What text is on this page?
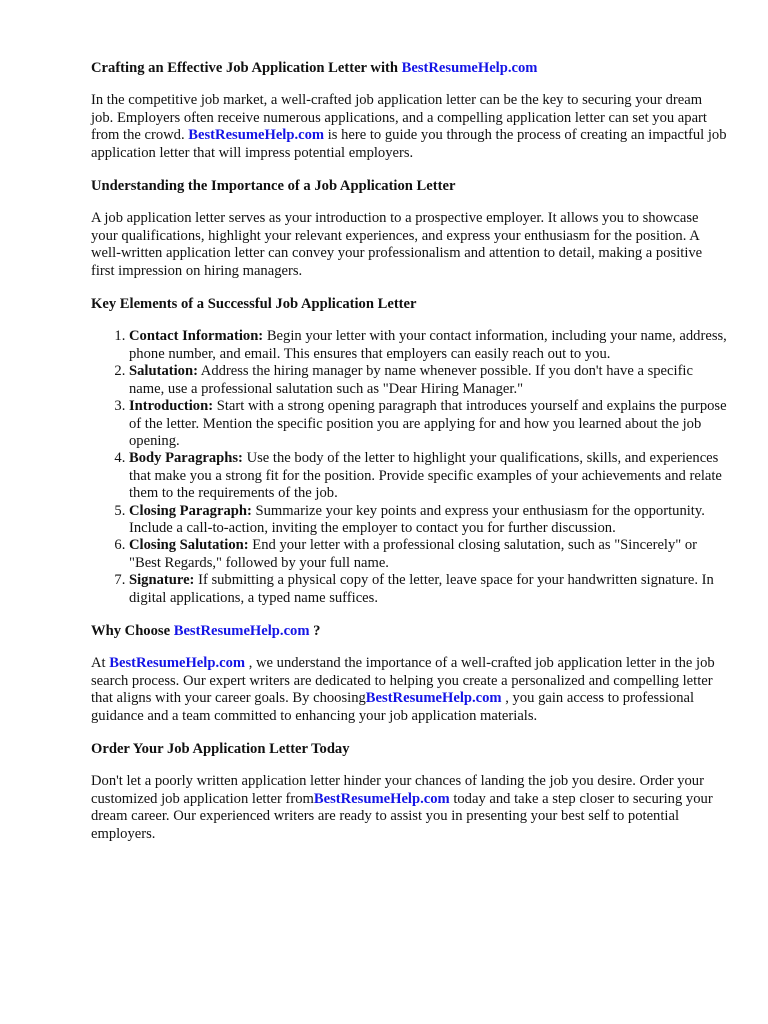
Crafting an Effective Job Application Letter with BestResumeHelp.com

In the competitive job market, a well-crafted job application letter can be the key to securing your dream job. Employers often receive numerous applications, and a compelling application letter can set you apart from the crowd. BestResumeHelp.com is here to guide you through the process of creating an impactful job application letter that will impress potential employers.

Understanding the Importance of a Job Application Letter

A job application letter serves as your introduction to a prospective employer. It allows you to showcase your qualifications, highlight your relevant experiences, and express your enthusiasm for the position. A well-written application letter can convey your professionalism and attention to detail, making a positive first impression on hiring managers.

Key Elements of a Successful Job Application Letter

1. Contact Information: Begin your letter with your contact information, including your name, address, phone number, and email. This ensures that employers can easily reach out to you.
2. Salutation: Address the hiring manager by name whenever possible. If you don't have a specific name, use a professional salutation such as "Dear Hiring Manager."
3. Introduction: Start with a strong opening paragraph that introduces yourself and explains the purpose of the letter. Mention the specific position you are applying for and how you learned about the job opening.
4. Body Paragraphs: Use the body of the letter to highlight your qualifications, skills, and experiences that make you a strong fit for the position. Provide specific examples of your achievements and relate them to the requirements of the job.
5. Closing Paragraph: Summarize your key points and express your enthusiasm for the opportunity. Include a call-to-action, inviting the employer to contact you for further discussion.
6. Closing Salutation: End your letter with a professional closing salutation, such as "Sincerely" or "Best Regards," followed by your full name.
7. Signature: If submitting a physical copy of the letter, leave space for your handwritten signature. In digital applications, a typed name suffices.

Why Choose BestResumeHelp.com ?

At BestResumeHelp.com , we understand the importance of a well-crafted job application letter in the job search process. Our expert writers are dedicated to helping you create a personalized and compelling letter that aligns with your career goals. By choosingBestResumeHelp.com , you gain access to professional guidance and a team committed to enhancing your job application materials.

Order Your Job Application Letter Today

Don't let a poorly written application letter hinder your chances of landing the job you desire. Order your customized job application letter fromBestResumeHelp.com today and take a step closer to securing your dream career. Our experienced writers are ready to assist you in presenting your best self to potential employers.
